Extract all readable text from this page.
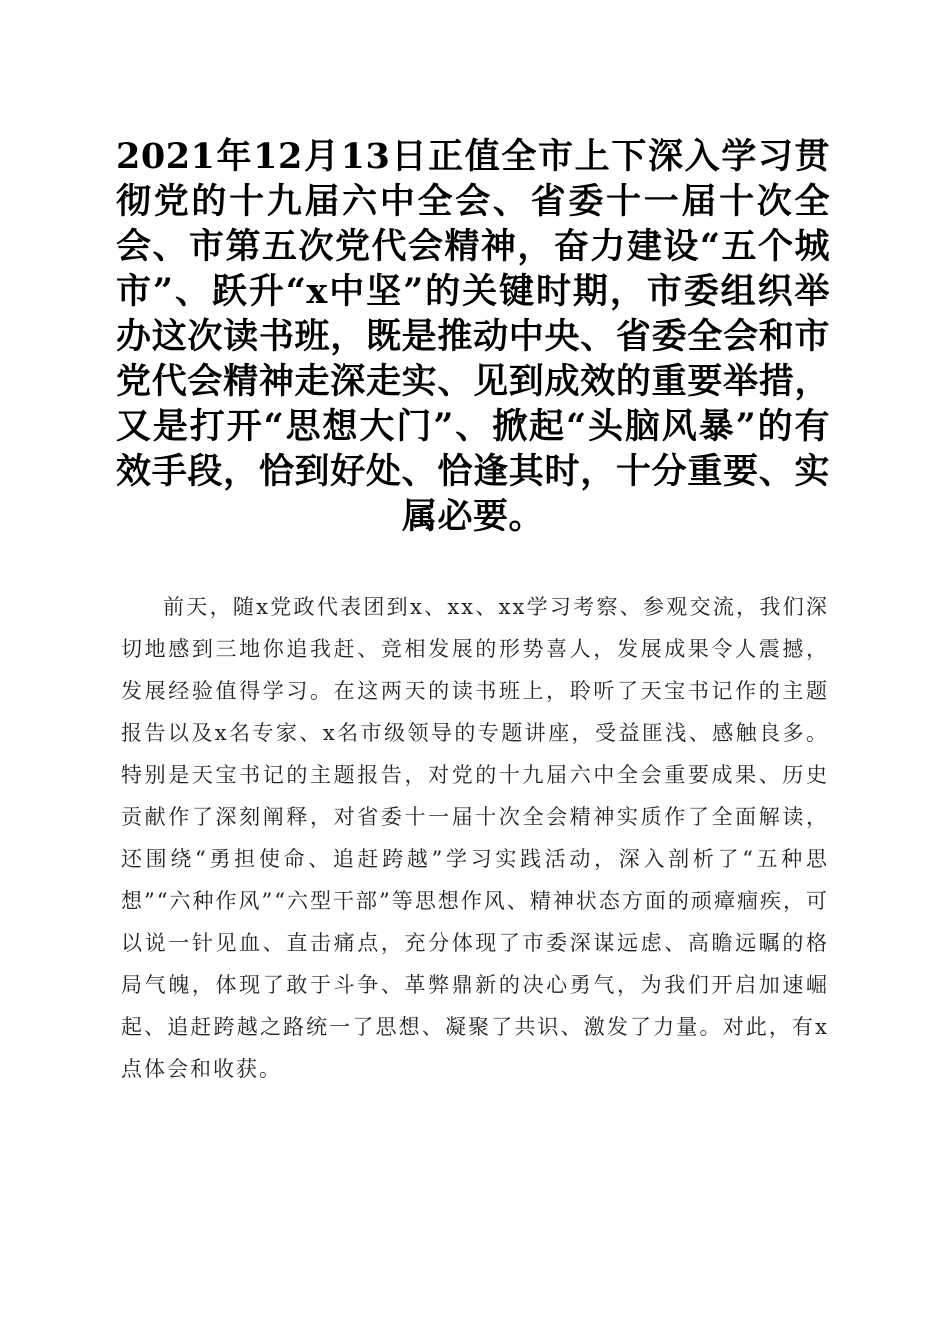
2021年12月13日正值全市上下深入学习贯彻党的十九届六中全会、省委十一届十次全会、市第五次党代会精神，奋力建设“五个城市”、跃升“x中坚”的关键时期，市委组织举办这次读书班，既是推动中央、省委全会和市党代会精神走深走实、见到成效的重要举措，又是打开“思想大门”、掀起“头脑风暴”的有效手段，恰到好处、恰逢其时，十分重要、实属必要。

前天，随x党政代表团到x、xx、xx学习考察、参观交流，我们深切地感到三地你追我赶、竞相发展的形势喜人，发展成果令人震撼，发展经验值得学习。在这两天的读书班上，聆听了天宝书记作的主题报告以及x名专家、x名市级领导的专题讲座，受益匪浅、感触良多。特别是天宝书记的主题报告，对党的十九届六中全会重要成果、历史贡献作了深刻阐释，对省委十一届十次全会精神实质作了全面解读，还围绕“勇担使命、追赶跨越”学习实践活动，深入剖析了“五种思想”“六种作风”“六型干部”等思想作风、精神状态方面的顽瘴痼疾，可以说一针见血、直击痛点，充分体现了市委深谋远虑、高瞻远瞩的格局气魄，体现了敢于斗争、革弊鼎新的决心勇气，为我们开启加速崛起、追赶跨越之路统一了思想、凝聚了共识、激发了力量。对此，有x点体会和收获。
